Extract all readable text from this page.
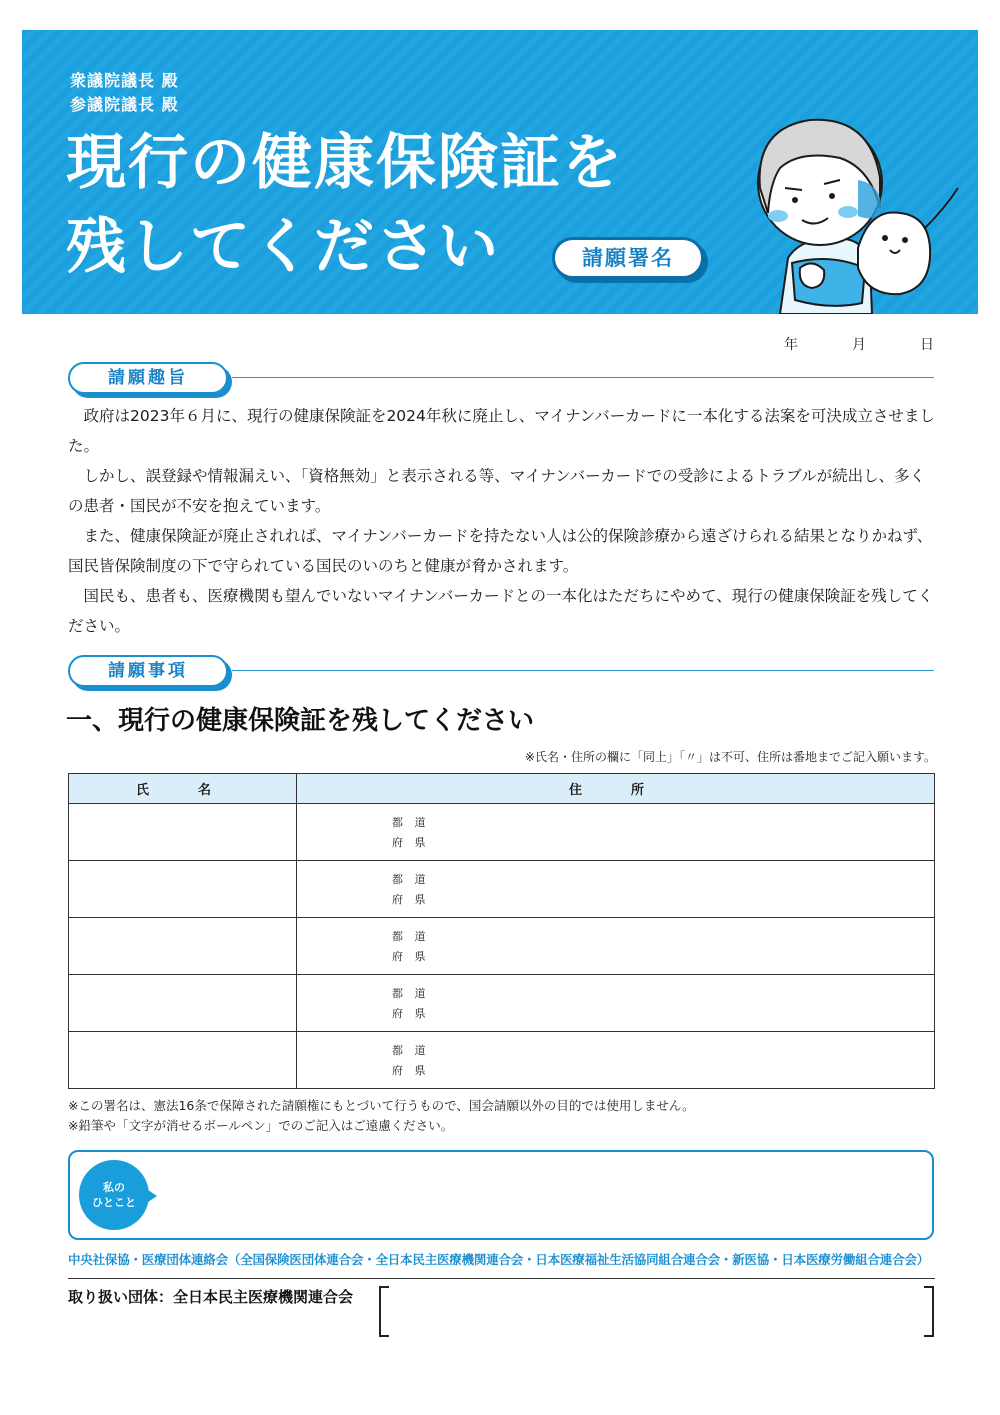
衆議院議長 殿
参議院議長 殿
現行の健康保険証を
残してください	請願署名
年	月	日
請願趣旨

政府は2023年６月に、現行の健康保険証を2024年秋に廃止し、マイナンバーカードに一本化する法案を可決成立させました。

しかし、誤登録や情報漏えい、「資格無効」と表示される等、マイナンバーカードでの受診によるトラブルが続出し、多くの患者・国民が不安を抱えています。

また、健康保険証が廃止されれば、マイナンバーカードを持たない人は公的保険診療から遠ざけられる結果となりかねず、国民皆保険制度の下で守られている国民のいのちと健康が脅かされます。

国民も、患者も、医療機関も望んでいないマイナンバーカードとの一本化はただちにやめて、現行の健康保険証を残してください。

請願事項
一、現行の健康保険証を残してください
※氏名・住所の欄に「同上」「〃」は不可、住所は番地までご記入願います。
氏　名	住　所

	都 道
府 県

	都 道
府 県

	都 道
府 県

	都 道
府 県

	都 道
府 県
※この署名は、憲法16条で保障された請願権にもとづいて行うもので、国会請願以外の目的では使用しません。
※鉛筆や「文字が消せるボールペン」でのご記入はご遠慮ください。
私の
ひとこと
中央社保協・医療団体連絡会（全国保険医団体連合会・全日本民主医療機関連合会・日本医療福祉生活協同組合連合会・新医協・日本医療労働組合連合会）
取り扱い団体：全日本民主医療機関連合会
